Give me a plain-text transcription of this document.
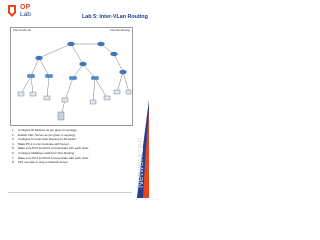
OP
Lab	Lab 5: Inter-VLan Routing
Inter-VLAN Lab	Core Net Routing
1. Configure IP Address as per given in topology.
2. Enable Vlan, Server as per given in topology.
3. Configure for Inter-Vlan Routing for All switch.
4. Make PC-1 to communicate with Server.
5. Make sure PC2 and PC3 communicate with each other.
6. Configure Multilayer switch for Vlan Routing.
7. Make sure PC4 and PC5 communicate with each other.
8. PC1 are able to ping to Network server.	Networkzen
